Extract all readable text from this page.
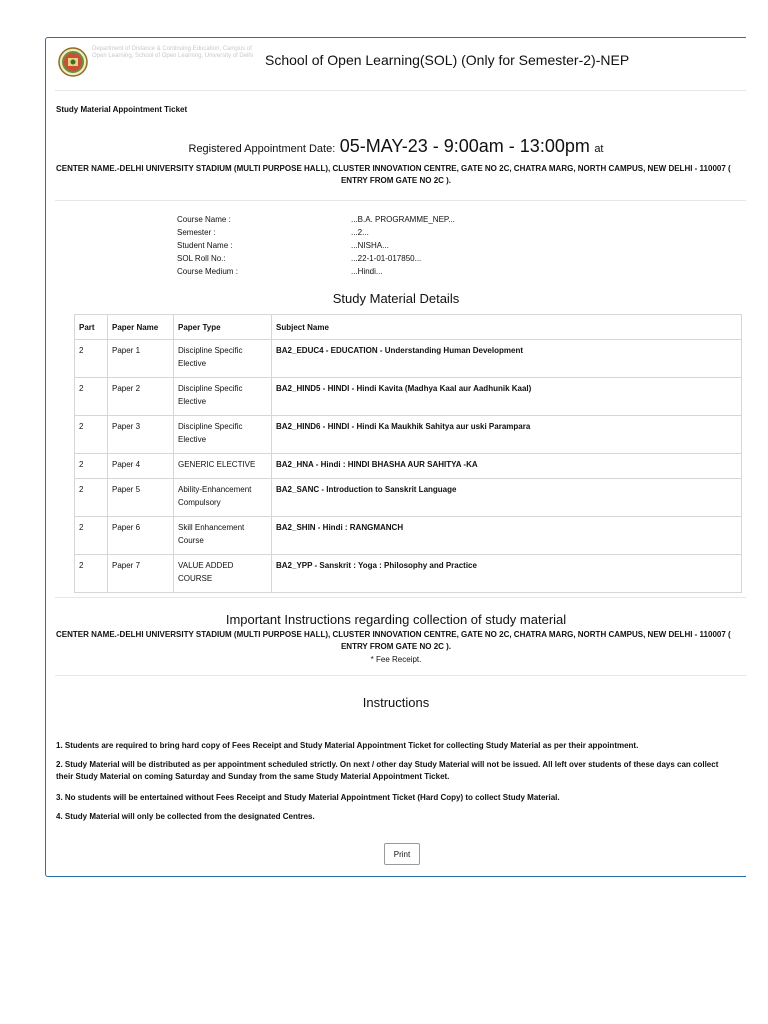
Department of Distance & Continuing Education, Campus of Open Learning, School of Open Learning, University of Delhi School of Open Learning(SOL) (Only for Semester-2)-NEP
Study Material Appointment Ticket
Registered Appointment Date: 05-MAY-23 - 9:00am - 13:00pm at
CENTER NAME.-DELHI UNIVERSITY STADIUM (MULTI PURPOSE HALL), CLUSTER INNOVATION CENTRE, GATE NO 2C, CHATRA MARG, NORTH CAMPUS, NEW DELHI - 110007 (
ENTRY FROM GATE NO 2C ).
Course Name :	...B.A. PROGRAMME_NEP...
Semester :	...2...
Student Name :	...NISHA...
SOL Roll No.:	...22-1-01-017850...
Course Medium :	...Hindi...
Study Material Details
Part	Paper Name	Paper Type	Subject Name
2	Paper 1	Discipline Specific Elective	BA2_EDUC4 - EDUCATION - Understanding Human Development
2	Paper 2	Discipline Specific Elective	BA2_HIND5 - HINDI - Hindi Kavita (Madhya Kaal aur Aadhunik Kaal)
2	Paper 3	Discipline Specific Elective	BA2_HIND6 - HINDI - Hindi Ka Maukhik Sahitya aur uski Parampara
2	Paper 4	GENERIC ELECTIVE	BA2_HNA - Hindi : HINDI BHASHA AUR SAHITYA -KA
2	Paper 5	Ability-Enhancement Compulsory	BA2_SANC - Introduction to Sanskrit Language
2	Paper 6	Skill Enhancement Course	BA2_SHIN - Hindi : RANGMANCH
2	Paper 7	VALUE ADDED COURSE	BA2_YPP - Sanskrit : Yoga : Philosophy and Practice
Important Instructions regarding collection of study material
CENTER NAME.-DELHI UNIVERSITY STADIUM (MULTI PURPOSE HALL), CLUSTER INNOVATION CENTRE, GATE NO 2C, CHATRA MARG, NORTH CAMPUS, NEW DELHI - 110007 (
ENTRY FROM GATE NO 2C ).
* Fee Receipt.
Instructions
1. Students are required to bring hard copy of Fees Receipt and Study Material Appointment Ticket for collecting Study Material as per their appointment.
2. Study Material will be distributed as per appointment scheduled strictly. On next / other day Study Material will not be issued. All left over students of these days can collect their Study Material on coming Saturday and Sunday from the same Study Material Appointment Ticket.
3. No students will be entertained without Fees Receipt and Study Material Appointment Ticket (Hard Copy) to collect Study Material.
4. Study Material will only be collected from the designated Centres.
Print
